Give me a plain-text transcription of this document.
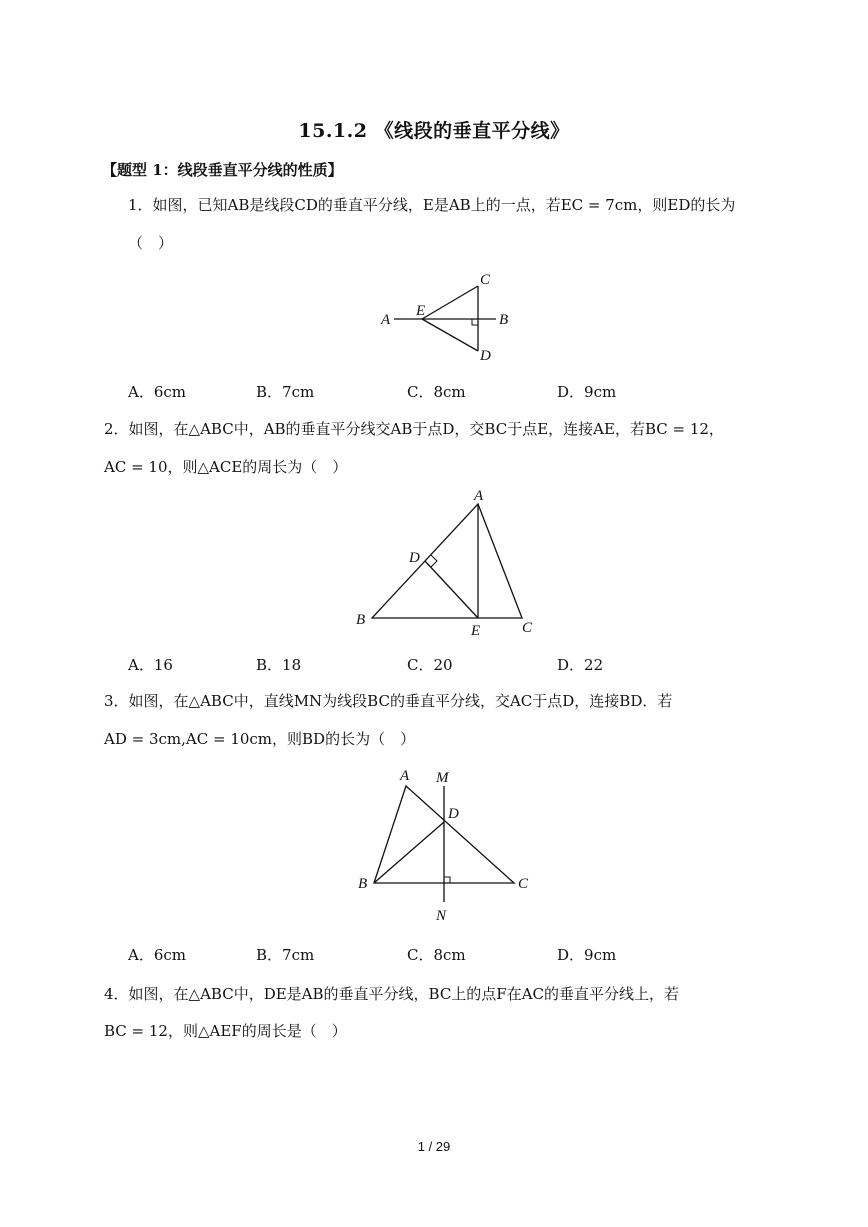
15.1.2 《线段的垂直平分线》
【题型 1：线段垂直平分线的性质】
1．如图，已知AB是线段CD的垂直平分线，E是AB上的一点，若EC = 7cm，则ED的长为
（　）
A	B
C
D
E
A．6cm	B．7cm	C．8cm	D．9cm
2．如图，在△ABC中，AB的垂直平分线交AB于点D，交BC于点E，连接AE，若BC = 12，
AC = 10，则△ACE的周长为（　）
A
B	C
D
E
A．16	B．18	C．20	D．22
3．如图，在△ABC中，直线MN为线段BC的垂直平分线，交AC于点D，连接BD．若
AD = 3cm,AC = 10cm，则BD的长为（　）
A
B	C
D
M
N
A．6cm	B．7cm	C．8cm	D．9cm
4．如图，在△ABC中，DE是AB的垂直平分线，BC上的点F在AC的垂直平分线上，若
BC = 12，则△AEF的周长是（　）
1 / 29
